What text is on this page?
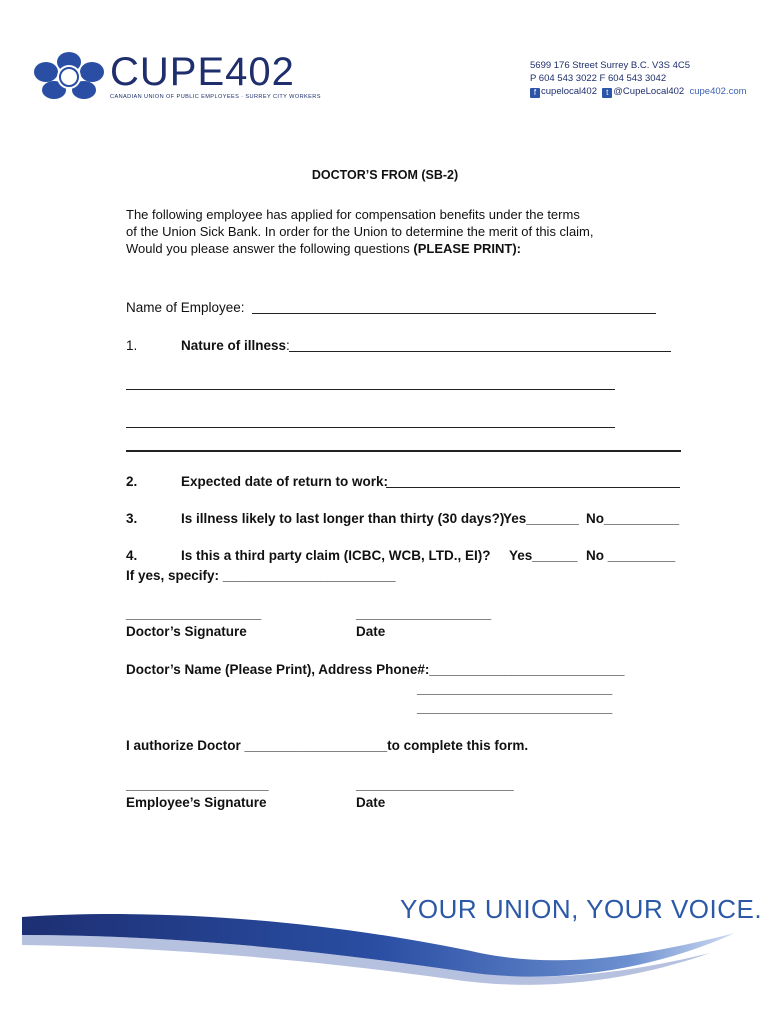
CUPE402
CANADIAN UNION OF PUBLIC EMPLOYEES · SURREY CITY WORKERS
5699 176 Street Surrey B.C. V3S 4C5
P 604 543 3022 F 604 543 3042
f cupelocal402 t @CupeLocal402 cupe402.com
DOCTOR’S FROM (SB-2)
The following employee has applied for compensation benefits under the terms
of the Union Sick Bank. In order for the Union to determine the merit of this claim,
Would you please answer the following questions (PLEASE PRINT):
Name of Employee:
1.	Nature of illness:
2.	Expected date of return to work:
3.	Is illness likely to last longer than thirty (30 days?)
Yes_______ No__________
4.	Is this a third party claim (ICBC, WCB, LTD., EI)? Yes______ No _________
If yes, specify: _______________________
__________________
Doctor’s Signature
__________________
Date
Doctor’s Name (Please Print), Address Phone#:__________________________
__________________________
__________________________
I authorize Doctor ___________________to complete this form.
___________________
Employee’s Signature
_____________________
Date
YOUR UNION, YOUR VOICE.
